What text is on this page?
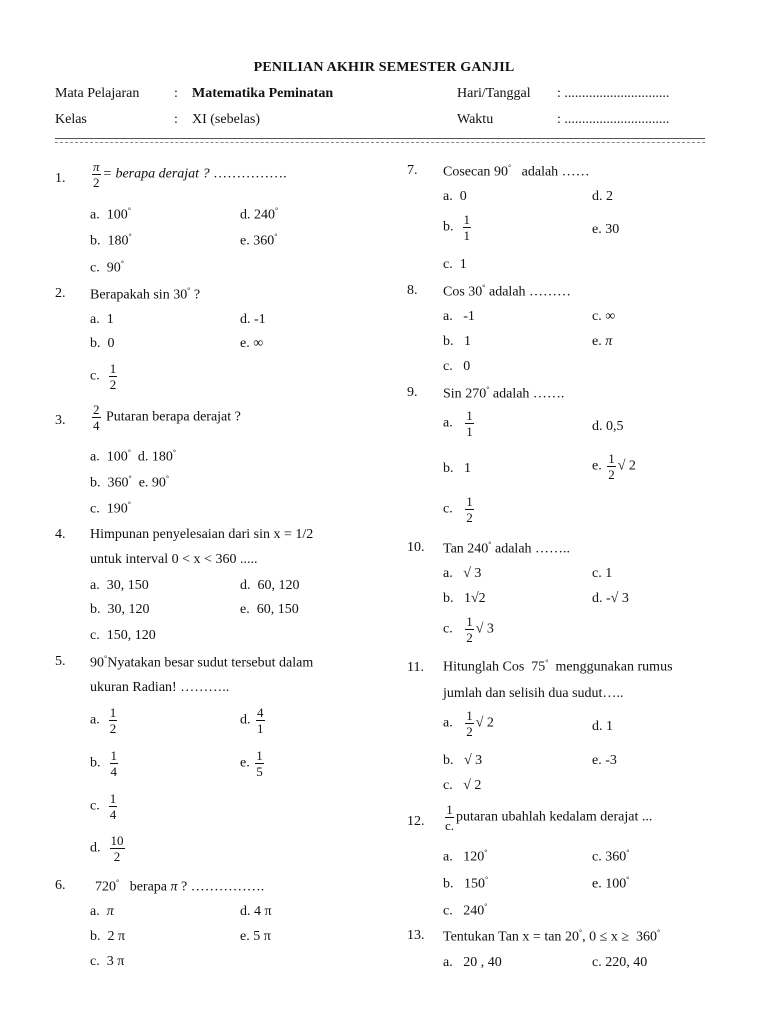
PENILIAN AKHIR SEMESTER GANJIL
Mata Pelajaran : Matematika Peminatan	Hari/Tanggal : ..............................
Kelas	: XI (sebelas)	Waktu	: ..............................
1. $\frac{\pi}{2}$ = berapa derajat ? …………….
a. 100°	d. 240°
b. 180°	e. 360°
c. 90°
2. Berapakah sin 30° ?
a. 1	d. -1
b. 0	e. ∞
c. $\frac{1}{2}$
3. $\frac{2}{4}$ Putaran berapa derajat ?
a. 100° d. 180°
b. 360° e. 90°
c. 190°
4. Himpunan penyelesaian dari sin x = 1/2
untuk interval 0 < x < 360 .....
a. 30, 150	d. 60, 120
b. 30, 120	e. 60, 150
c. 150, 120
5. 90°Nyatakan besar sudut tersebut dalam
ukuran Radian! ………..
a. $\frac{1}{2}$	d. $\frac{4}{1}$
b. $\frac{1}{4}$	e. $\frac{1}{5}$
c. $\frac{1}{4}$
d. $\frac{10}{2}$
6. 720° berapa π ? …………….
a. π	d. 4 π
b. 2 π	e. 5 π
c. 3 π
7. Cosecan 90° adalah ……
a. 0	d. 2
b. $\frac{1}{1}$	e. 30
c. 1
8. Cos 30° adalah ………
a. -1	c. ∞
b. 1	e. π
c. 0
9. Sin 270° adalah …….
a. $\frac{1}{1}$	d. 0,5
b. 1	e. $\frac{1}{2}$ √ 2
c. $\frac{1}{2}$
10. Tan 240° adalah ……..
a. √ 3	c. 1
b. 1√2	d. -√ 3
c. $\frac{1}{2}$ √ 3
11. Hitunglah Cos 75° menggunakan rumus
jumlah dan selisih dua sudut…..
a. $\frac{1}{2}$ √ 2	d. 1
b. √ 3	e. -3
c. √ 2
12. $\frac{1}{c.}$ putaran ubahlah kedalam derajat ...
a. 120°	c. 360°
b. 150°	e. 100°
c. 240°
13. Tentukan Tan x = tan 20°, 0 ≤ x ≥ 360°
a. 20 , 40	c. 220, 40
